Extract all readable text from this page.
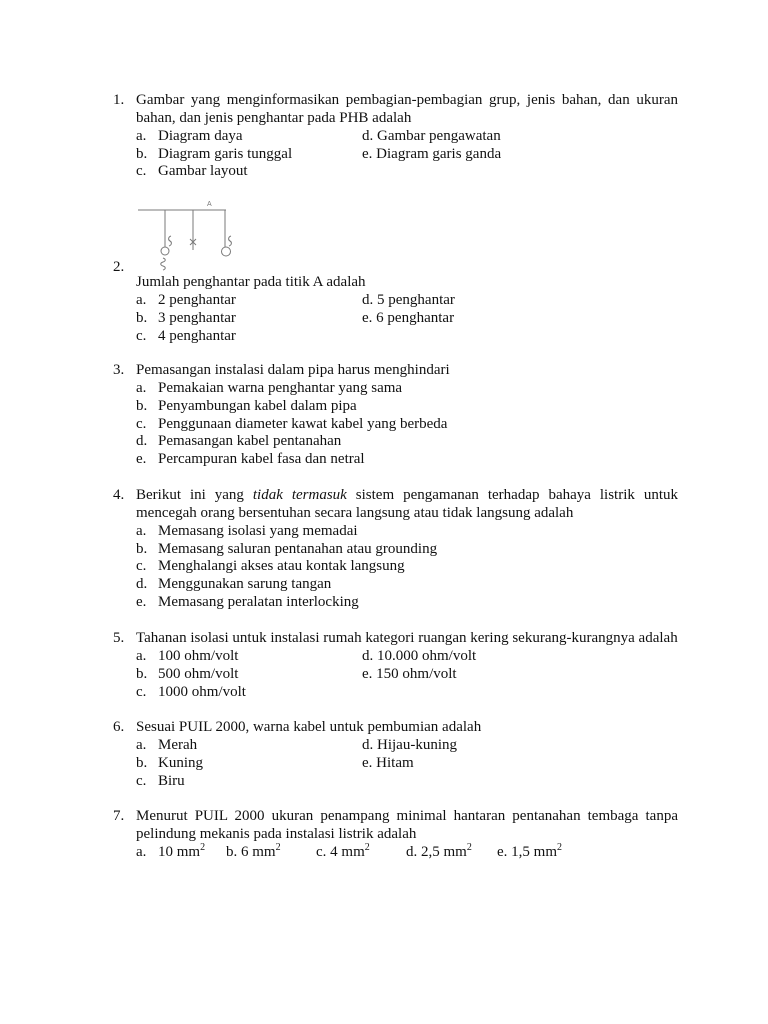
1. Gambar yang menginformasikan pembagian-pembagian grup, jenis bahan, dan ukuran
bahan, dan jenis penghantar pada PHB adalah
a. Diagram daya	d. Gambar pengawatan
b. Diagram garis tunggal	e. Diagram garis ganda
c. Gambar layout
A
2.
Jumlah penghantar pada titik A adalah
a. 2 penghantar	d. 5 penghantar
b. 3 penghantar	e. 6 penghantar
c. 4 penghantar
3. Pemasangan instalasi dalam pipa harus menghindari
a. Pemakaian warna penghantar yang sama
b. Penyambungan kabel dalam pipa
c. Penggunaan diameter kawat kabel yang berbeda
d. Pemasangan kabel pentanahan
e. Percampuran kabel fasa dan netral
4. Berikut ini yang tidak termasuk sistem pengamanan terhadap bahaya listrik untuk
mencegah orang bersentuhan secara langsung atau tidak langsung adalah
a. Memasang isolasi yang memadai
b. Memasang saluran pentanahan atau grounding
c. Menghalangi akses atau kontak langsung
d. Menggunakan sarung tangan
e. Memasang peralatan interlocking
5. Tahanan isolasi untuk instalasi rumah kategori ruangan kering sekurang-kurangnya adalah
a. 100 ohm/volt	d. 10.000 ohm/volt
b. 500 ohm/volt	e. 150 ohm/volt
c. 1000 ohm/volt
6. Sesuai PUIL 2000, warna kabel untuk pembumian adalah
a. Merah	d. Hijau-kuning
b. Kuning	e. Hitam
c. Biru
7. Menurut PUIL 2000 ukuran penampang minimal hantaran pentanahan tembaga tanpa
pelindung mekanis pada instalasi listrik adalah
a. 10 $mm^2$ b. 6 $mm^2$ c. 4 $mm^2$ d. 2,5 $mm^2$ e. 1,5 $mm^2$
